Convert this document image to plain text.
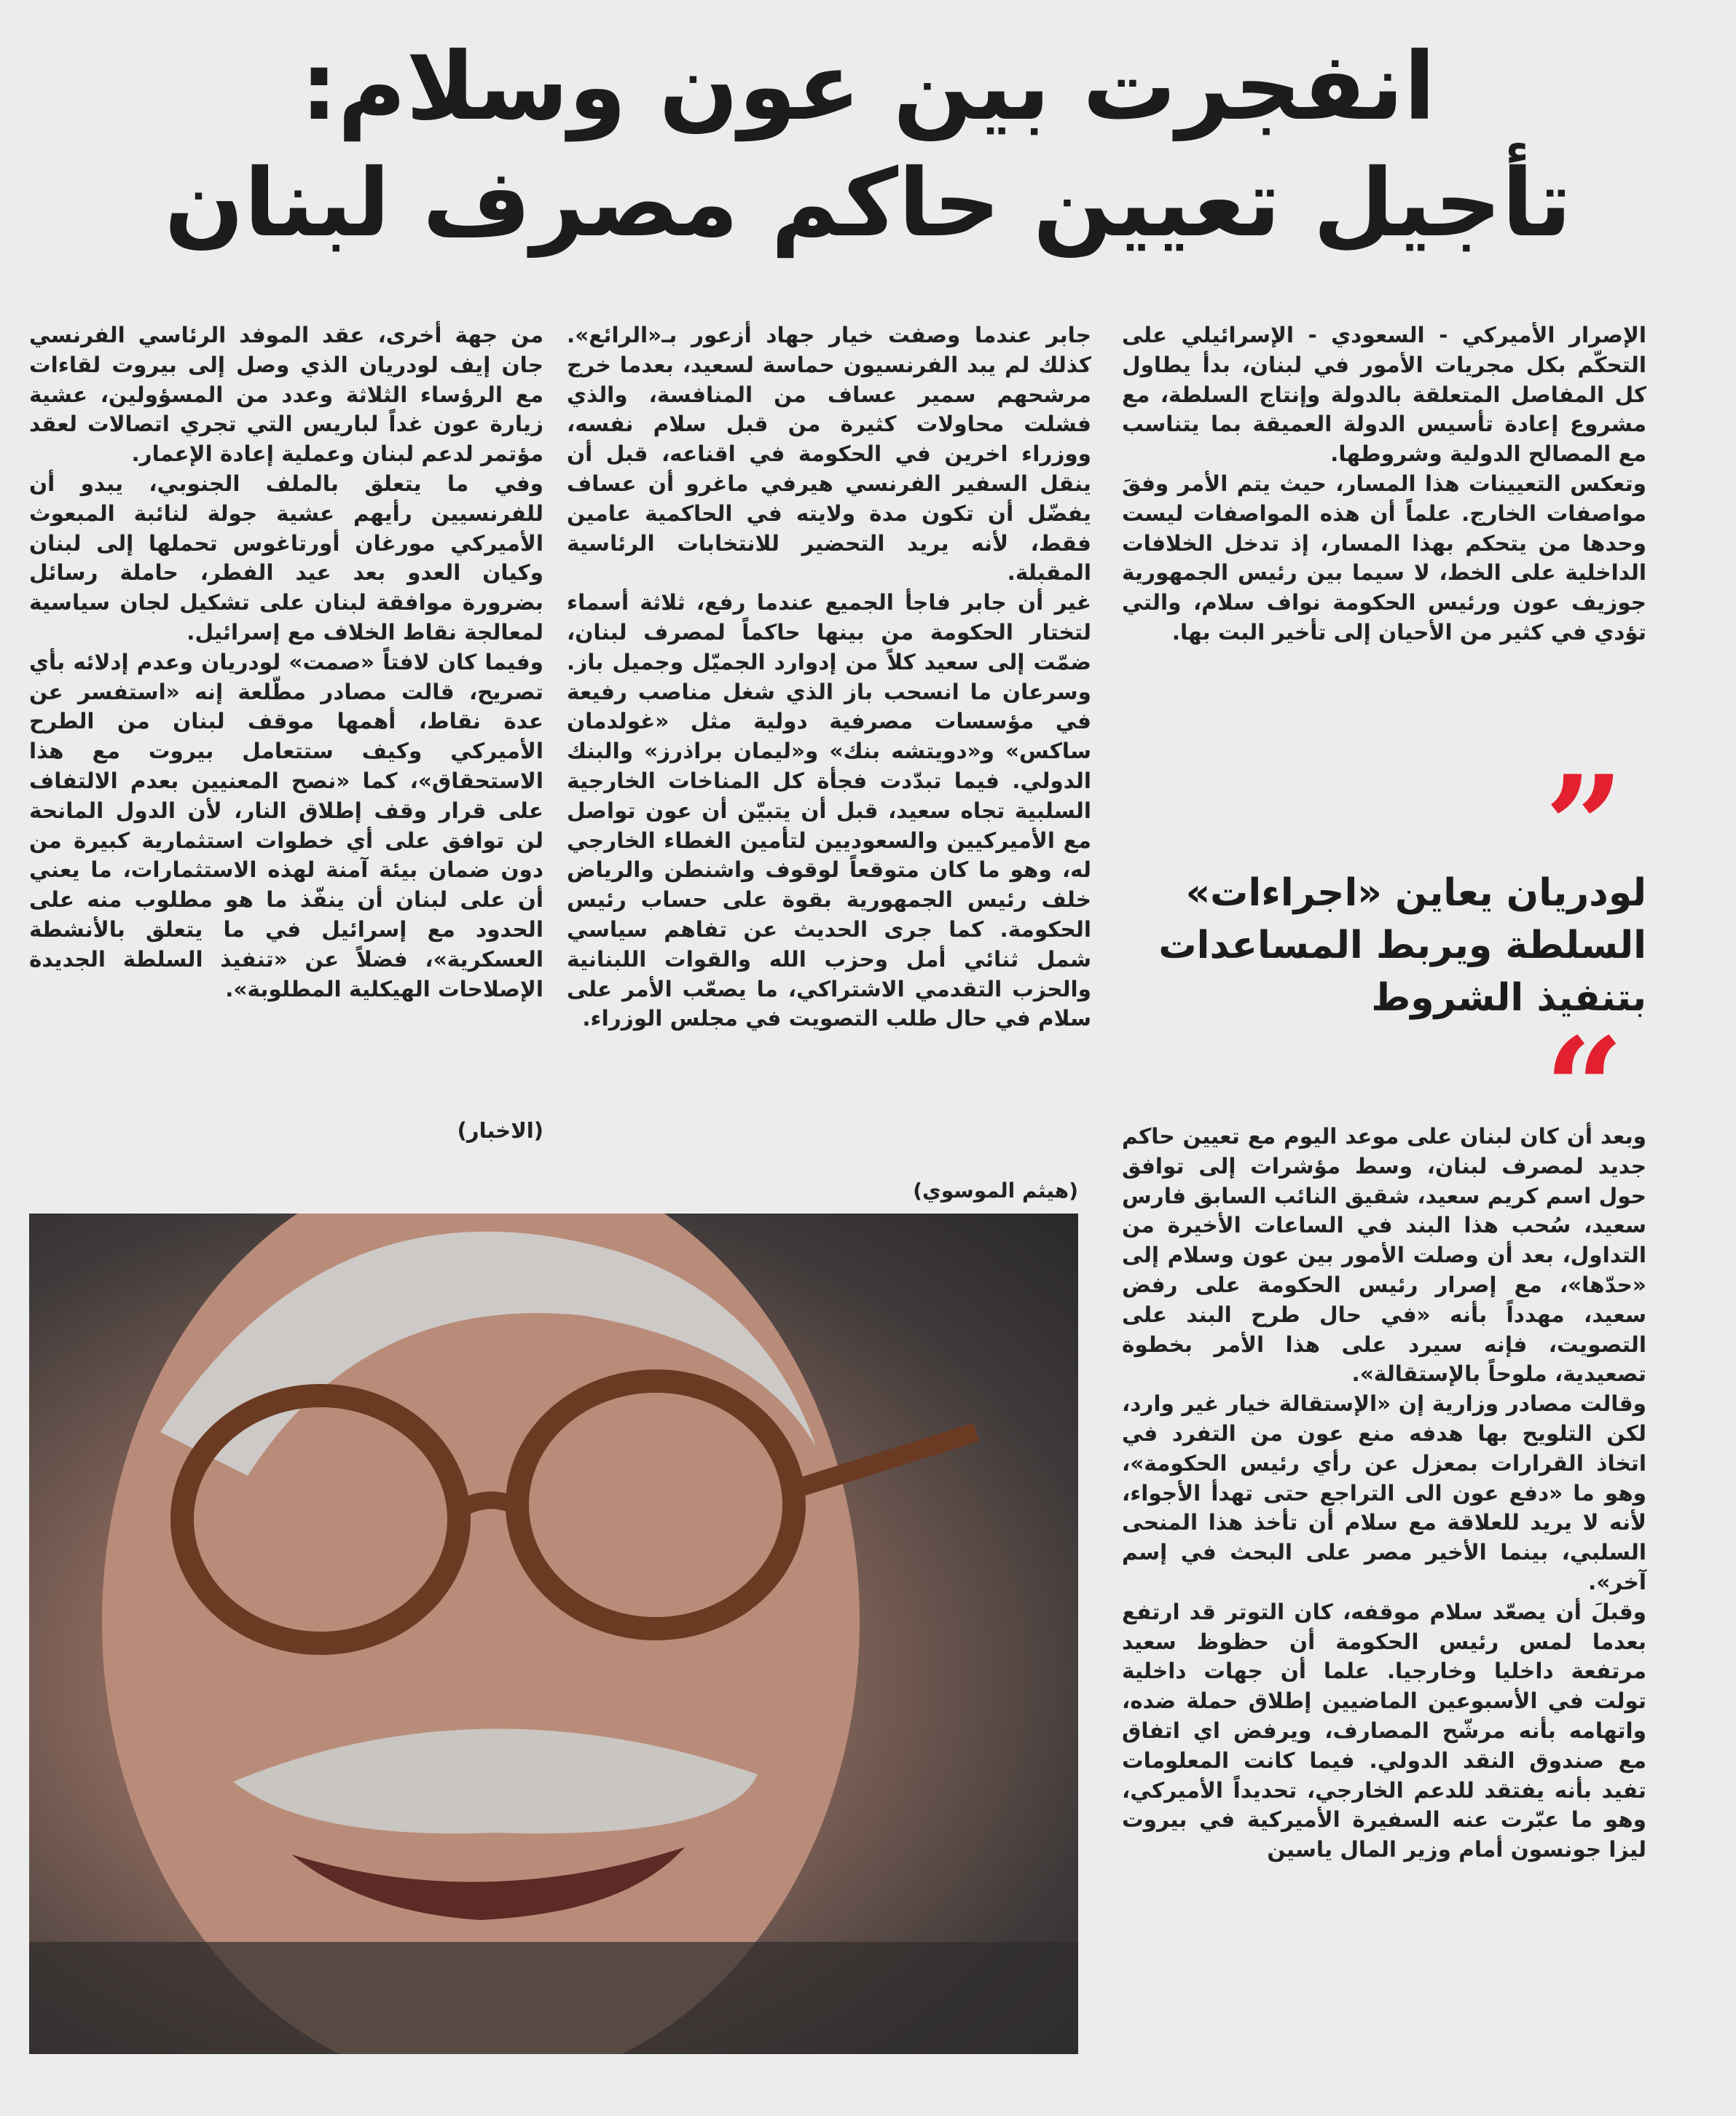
انفجرت بين عون وسلام:
تأجيل تعيين حاكم مصرف لبنان

الإصرار الأميركي - السعودي - الإسرائيلي على التحكّم بكل مجريات الأمور في لبنان، بدأ يطاول كل المفاصل المتعلقة بالدولة وإنتاج السلطة، مع مشروع إعادة تأسيس الدولة العميقة بما يتناسب مع المصالح الدولية وشروطها.

وتعكس التعيينات هذا المسار، حيث يتم الأمر وفقَ مواصفات الخارج. علماً أن هذه المواصفات ليست وحدها من يتحكم بهذا المسار، إذ تدخل الخلافات الداخلية على الخط، لا سيما بين رئيس الجمهورية جوزيف عون ورئيس الحكومة نواف سلام، والتي تؤدي في كثير من الأحيان إلى تأخير البت بها.

”
لودريان يعاين «اجراءات»
السلطة ويربط المساعدات
بتنفيذ الشروط
“

وبعد أن كان لبنان على موعد اليوم مع تعيين حاكم جديد لمصرف لبنان، وسط مؤشرات إلى توافق حول اسم كريم سعيد، شقيق النائب السابق فارس سعيد، سُحب هذا البند في الساعات الأخيرة من التداول، بعد أن وصلت الأمور بين عون وسلام إلى «حدّها»، مع إصرار رئيس الحكومة على رفض سعيد، مهدداً بأنه «في حال طرح البند على التصويت، فإنه سيرد على هذا الأمر بخطوة تصعيدية، ملوحاً بالإستقالة».

وقالت مصادر وزارية إن «الإستقالة خيار غير وارد، لكن التلويح بها هدفه منع عون من التفرد في اتخاذ القرارات بمعزل عن رأي رئيس الحكومة»، وهو ما «دفع عون الى التراجع حتى تهدأ الأجواء، لأنه لا يريد للعلاقة مع سلام أن تأخذ هذا المنحى السلبي، بينما الأخير مصر على البحث في إسم آخر».

وقبلَ أن يصعّد سلام موقفه، كان التوتر قد ارتفع بعدما لمس رئيس الحكومة أن حظوظ سعيد مرتفعة داخليا وخارجيا. علما أن جهات داخلية تولت في الأسبوعين الماضيين إطلاق حملة ضده، واتهامه بأنه مرشّح المصارف، ويرفض اي اتفاق مع صندوق النقد الدولي. فيما كانت المعلومات تفيد بأنه يفتقد للدعم الخارجي، تحديداً الأميركي، وهو ما عبّرت عنه السفيرة الأميركية في بيروت ليزا جونسون أمام وزير المال ياسين

جابر عندما وصفت خيار جهاد أزعور بـ«الرائع». كذلك لم يبد الفرنسيون حماسة لسعيد، بعدما خرج مرشحهم سمير عساف من المنافسة، والذي فشلت محاولات كثيرة من قبل سلام نفسه، ووزراء اخرين في الحكومة في اقناعه، قبل أن ينقل السفير الفرنسي هيرفي ماغرو أن عساف يفضّل أن تكون مدة ولايته في الحاكمية عامين فقط، لأنه يريد التحضير للانتخابات الرئاسية المقبلة.

غير أن جابر فاجأ الجميع عندما رفع، ثلاثة أسماء لتختار الحكومة من بينها حاكماً لمصرف لبنان، ضمّت إلى سعيد كلاً من إدوارد الجميّل وجميل باز. وسرعان ما انسحب باز الذي شغل مناصب رفيعة في مؤسسات مصرفية دولية مثل «غولدمان ساكس» و«دويتشه بنك» و«ليمان براذرز» والبنك الدولي. فيما تبدّدت فجأة كل المناخات الخارجية السلبية تجاه سعيد، قبل أن يتبيّن أن عون تواصل مع الأميركيين والسعوديين لتأمين الغطاء الخارجي له، وهو ما كان متوقعاً لوقوف واشنطن والرياض خلف رئيس الجمهورية بقوة على حساب رئيس الحكومة. كما جرى الحديث عن تفاهم سياسي شمل ثنائي أمل وحزب الله والقوات اللبنانية والحزب التقدمي الاشتراكي، ما يصعّب الأمر على سلام في حال طلب التصويت في مجلس الوزراء.

من جهة أخرى، عقد الموفد الرئاسي الفرنسي جان إيف لودريان الذي وصل إلى بيروت لقاءات مع الرؤساء الثلاثة وعدد من المسؤولين، عشية زيارة عون غداً لباريس التي تجري اتصالات لعقد مؤتمر لدعم لبنان وعملية إعادة الإعمار.

وفي ما يتعلق بالملف الجنوبي، يبدو أن للفرنسيين رأيهم عشية جولة لنائبة المبعوث الأميركي مورغان أورتاغوس تحملها إلى لبنان وكيان العدو بعد عيد الفطر، حاملة رسائل بضرورة موافقة لبنان على تشكيل لجان سياسية لمعالجة نقاط الخلاف مع إسرائيل.

وفيما كان لافتاً «صمت» لودريان وعدم إدلائه بأي تصريح، قالت مصادر مطّلعة إنه «استفسر عن عدة نقاط، أهمها موقف لبنان من الطرح الأميركي وكيف ستتعامل بيروت مع هذا الاستحقاق»، كما «نصح المعنيين بعدم الالتفاف على قرار وقف إطلاق النار، لأن الدول المانحة لن توافق على أي خطوات استثمارية كبيرة من دون ضمان بيئة آمنة لهذه الاستثمارات، ما يعني أن على لبنان أن ينفّذ ما هو مطلوب منه على الحدود مع إسرائيل في ما يتعلق بالأنشطة العسكرية»، فضلاً عن «تنفيذ السلطة الجديدة الإصلاحات الهيكلية المطلوبة».

(الاخبار)
(هيثم الموسوي)
